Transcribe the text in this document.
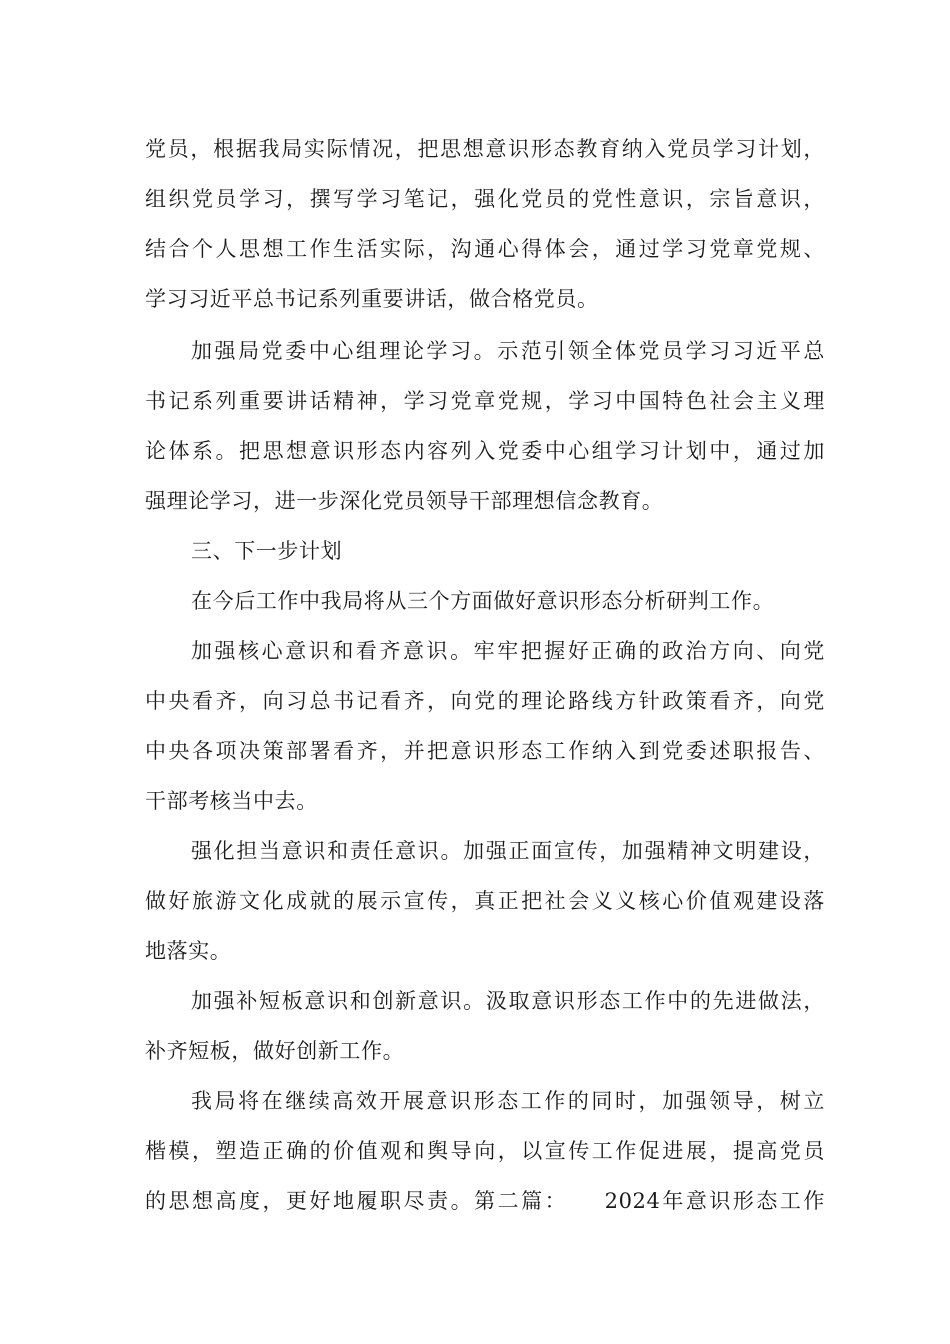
党员，根据我局实际情况，把思想意识形态教育纳入党员学习计划，
组织党员学习，撰写学习笔记，强化党员的党性意识，宗旨意识，
结合个人思想工作生活实际，沟通心得体会，通过学习党章党规、
学习习近平总书记系列重要讲话，做合格党员。
加强局党委中心组理论学习。示范引领全体党员学习习近平总
书记系列重要讲话精神，学习党章党规，学习中国特色社会主义理
论体系。把思想意识形态内容列入党委中心组学习计划中，通过加
强理论学习，进一步深化党员领导干部理想信念教育。
三、下一步计划
在今后工作中我局将从三个方面做好意识形态分析研判工作。
加强核心意识和看齐意识。牢牢把握好正确的政治方向、向党
中央看齐，向习总书记看齐，向党的理论路线方针政策看齐，向党
中央各项决策部署看齐，并把意识形态工作纳入到党委述职报告、
干部考核当中去。
强化担当意识和责任意识。加强正面宣传，加强精神文明建设，
做好旅游文化成就的展示宣传，真正把社会义义核心价值观建设落
地落实。
加强补短板意识和创新意识。汲取意识形态工作中的先进做法，
补齐短板，做好创新工作。
我局将在继续高效开展意识形态工作的同时，加强领导，树立
楷模，塑造正确的价值观和舆导向，以宣传工作促进展，提高党员
的思想高度，更好地履职尽责。第二篇：　　2024年意识形态工作
